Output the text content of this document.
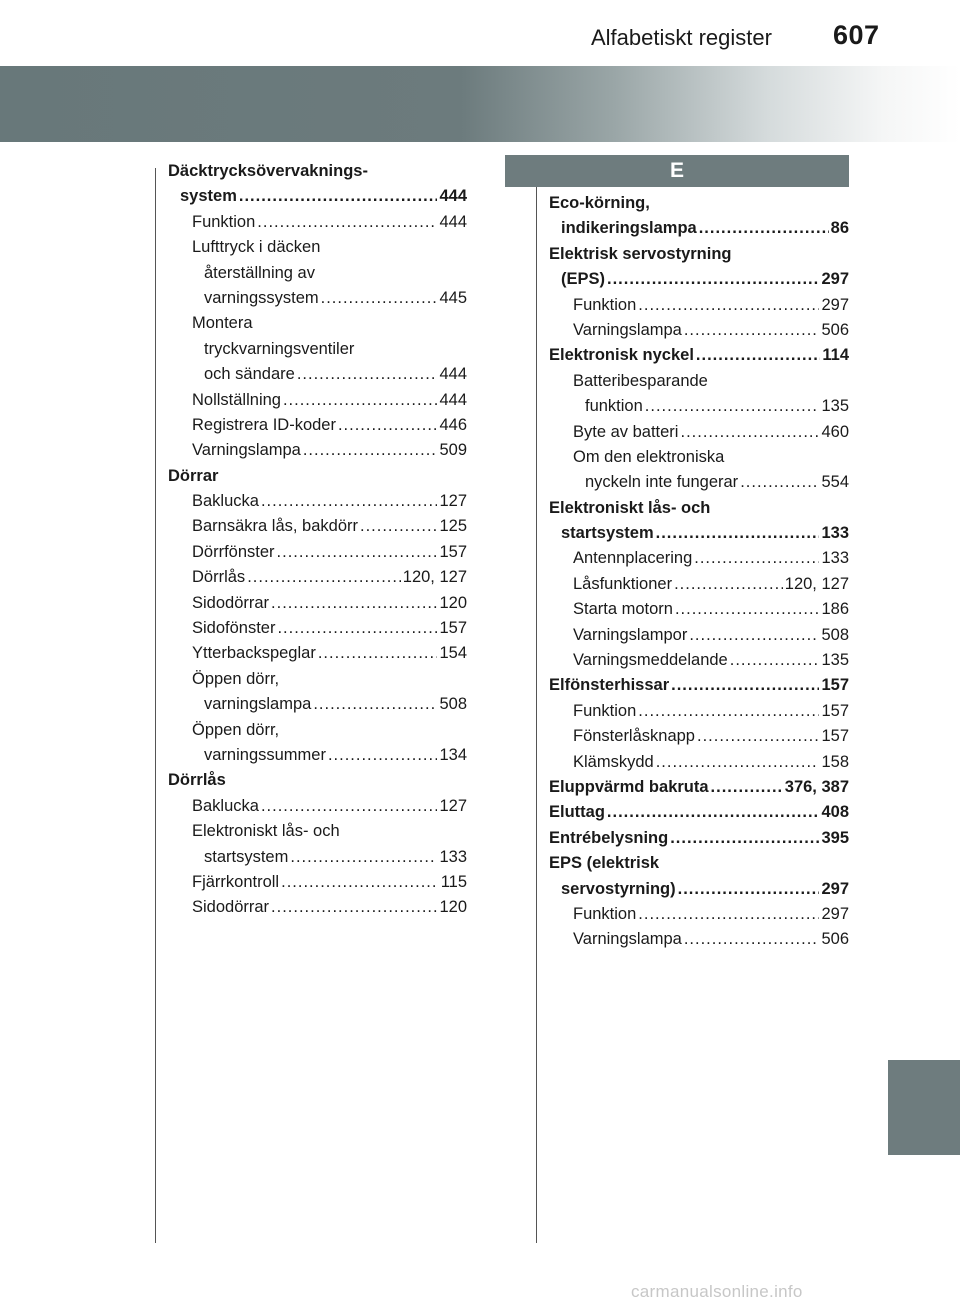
Alfabetiskt register 607
E
Däcktrycksövervaknings-
system .....	444
Funktion .....	444
Lufttryck i däcken
återställning av
varningssystem .....	445
Montera
tryckvarningsventiler
och sändare .....	444
Nollställning .....	444
Registrera ID-koder .....	446
Varningslampa .....	509
Dörrar
Baklucka .....	127
Barnsäkra lås, bakdörr .....	125
Dörrfönster .....	157
Dörrlås .....	120, 127
Sidodörrar .....	120
Sidofönster .....	157
Ytterbackspeglar .....	154
Öppen dörr,
varningslampa .....	508
Öppen dörr,
varningssummer .....	134
Dörrlås
Baklucka .....	127
Elektroniskt lås- och
startsystem .....	133
Fjärrkontroll .....	115
Sidodörrar .....	120
Eco-körning,
indikeringslampa .....	86
Elektrisk servostyrning
(EPS) .....	297
Funktion .....	297
Varningslampa .....	506
Elektronisk nyckel .....	114
Batteribesparande
funktion .....	135
Byte av batteri .....	460
Om den elektroniska
nyckeln inte fungerar .....	554
Elektroniskt lås- och
startsystem .....	133
Antennplacering .....	133
Låsfunktioner .....	120, 127
Starta motorn .....	186
Varningslampor .....	508
Varningsmeddelande .....	135
Elfönsterhissar .....	157
Funktion .....	157
Fönsterlåsknapp .....	157
Klämskydd .....	158
Eluppvärmd bakruta .....	376, 387
Eluttag .....	408
Entrébelysning .....	395
EPS (elektrisk
servostyrning) .....	297
Funktion .....	297
Varningslampa .....	506
carmanualsonline.info
